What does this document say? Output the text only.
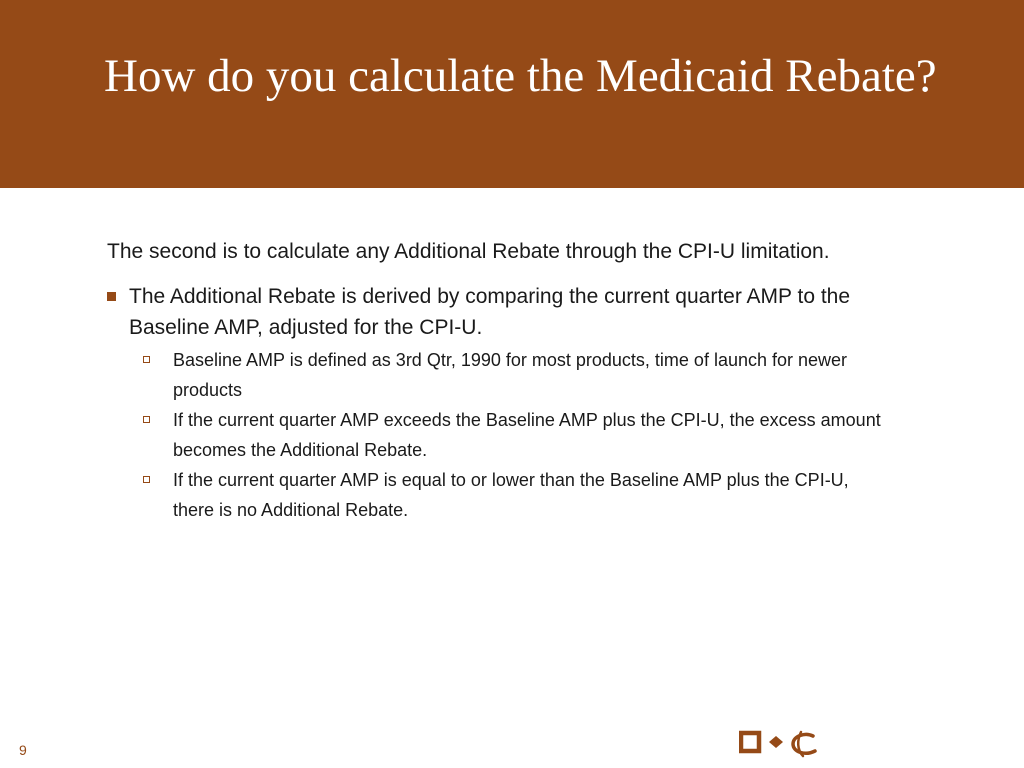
How do you calculate the Medicaid Rebate?

The second is to calculate any Additional Rebate through the CPI-U limitation.

The Additional Rebate is derived by comparing the current quarter AMP to the Baseline AMP, adjusted for the CPI-U.
Baseline AMP is defined as 3rd Qtr, 1990 for most products, time of launch for newer products
If the current quarter AMP exceeds the Baseline AMP plus the CPI-U, the excess amount becomes the Additional Rebate.
If the current quarter AMP is equal to or lower than the Baseline AMP plus the CPI-U, there is no Additional Rebate.
9
